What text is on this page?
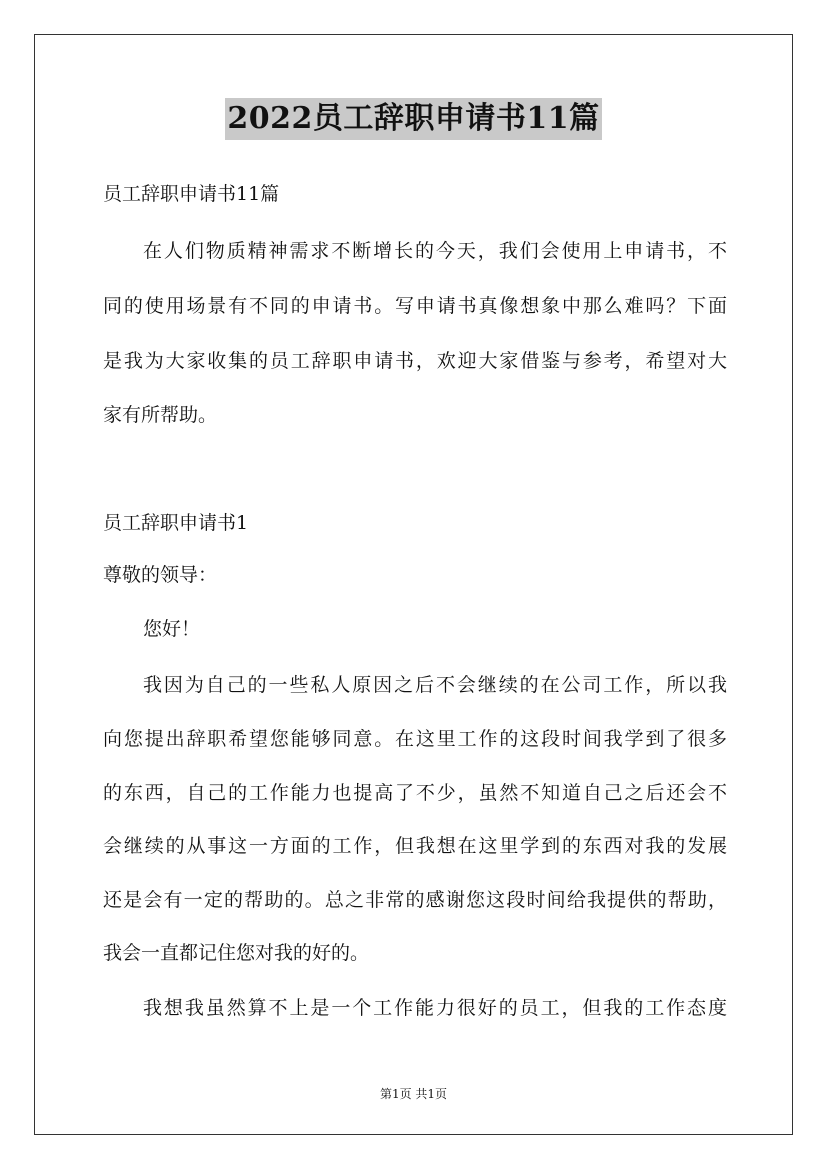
2022员工辞职申请书11篇
员工辞职申请书11篇
在人们物质精神需求不断增长的今天，我们会使用上申请书，不
同的使用场景有不同的申请书。写申请书真像想象中那么难吗？下面
是我为大家收集的员工辞职申请书，欢迎大家借鉴与参考，希望对大
家有所帮助。
员工辞职申请书1
尊敬的领导：
您好！
我因为自己的一些私人原因之后不会继续的在公司工作，所以我
向您提出辞职希望您能够同意。在这里工作的这段时间我学到了很多
的东西，自己的工作能力也提高了不少，虽然不知道自己之后还会不
会继续的从事这一方面的工作，但我想在这里学到的东西对我的发展
还是会有一定的帮助的。总之非常的感谢您这段时间给我提供的帮助，
我会一直都记住您对我的好的。
我想我虽然算不上是一个工作能力很好的员工，但我的工作态度
第1页 共1页
